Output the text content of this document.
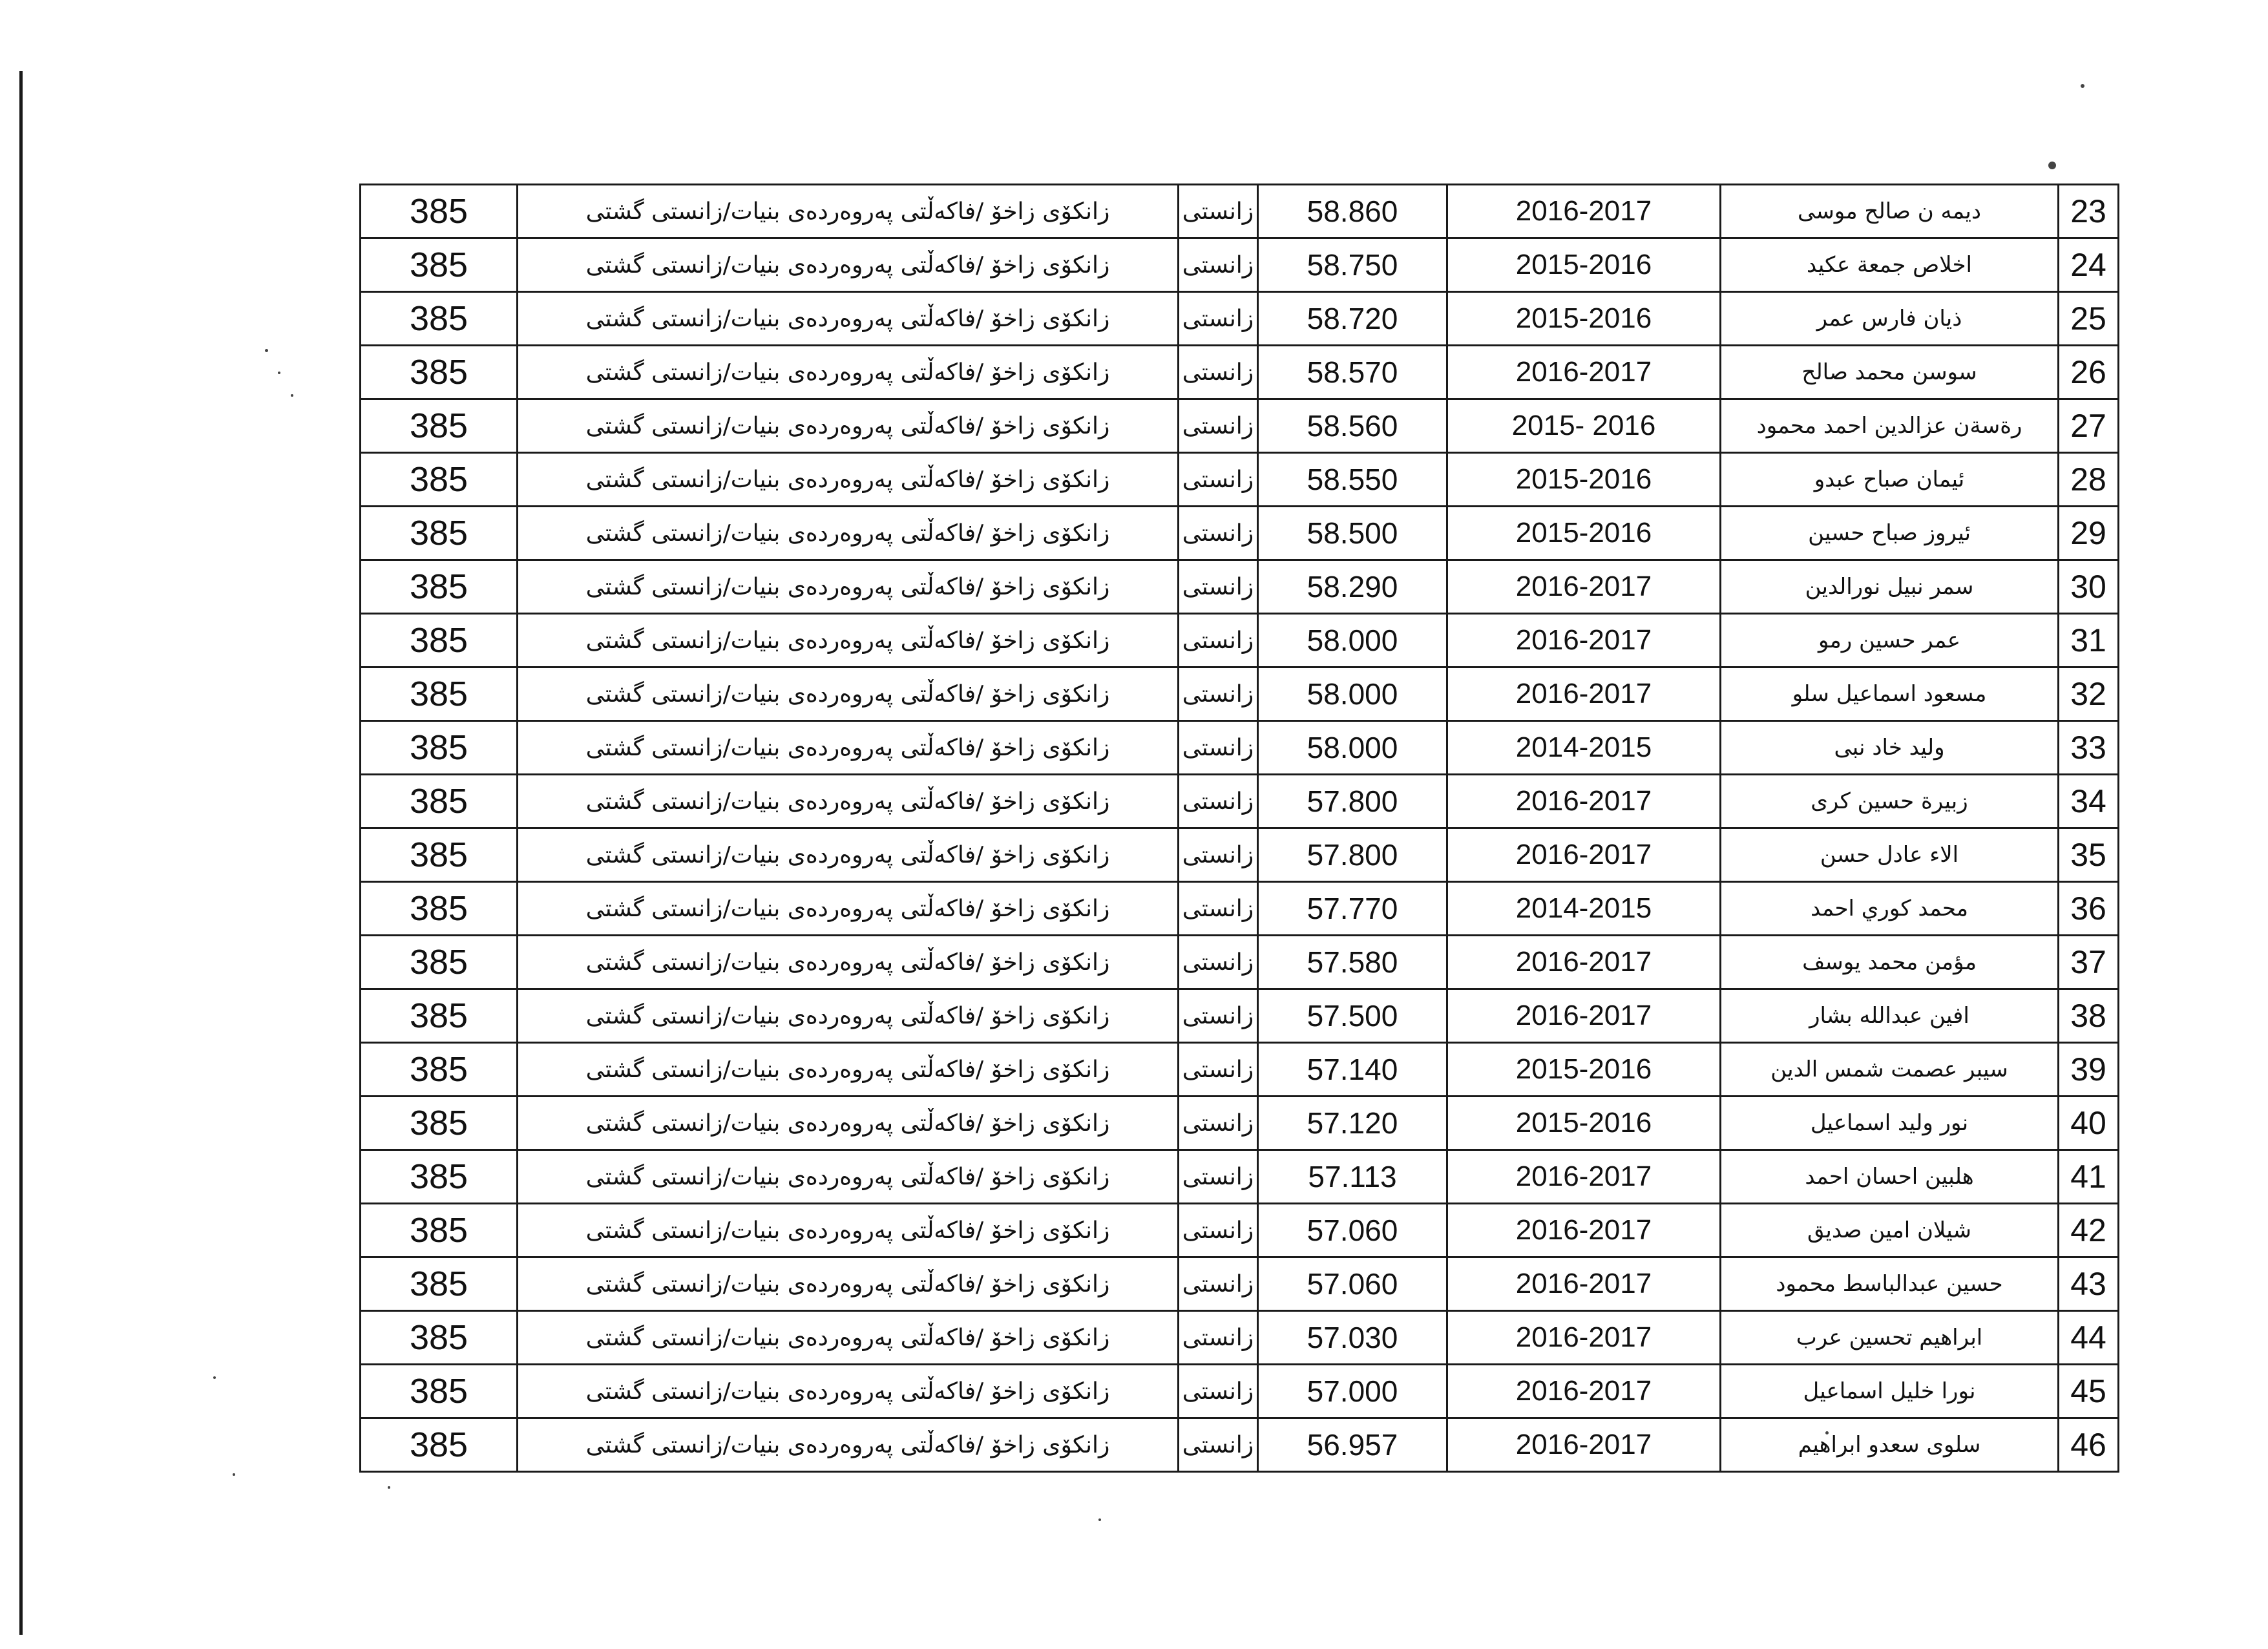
385	زانكۆی زاخۆ /فاكەڵتی پەروەردەی بنیات/زانستی گشتی	زانستی	58.860	2016-2017	ديمه ن صالح موسى	23
385	زانكۆی زاخۆ /فاكەڵتی پەروەردەی بنیات/زانستی گشتی	زانستی	58.750	2015-2016	اخلاص جمعة عكيد	24
385	زانكۆی زاخۆ /فاكەڵتی پەروەردەی بنیات/زانستی گشتی	زانستی	58.720	2015-2016	ذيان فارس عمر	25
385	زانكۆی زاخۆ /فاكەڵتی پەروەردەی بنیات/زانستی گشتی	زانستی	58.570	2016-2017	سوسن محمد صالح	26
385	زانكۆی زاخۆ /فاكەڵتی پەروەردەی بنیات/زانستی گشتی	زانستی	58.560	2015- 2016	رةسةن عزالدين احمد محمود	27
385	زانكۆی زاخۆ /فاكەڵتی پەروەردەی بنیات/زانستی گشتی	زانستی	58.550	2015-2016	ئيمان صباح عبدو	28
385	زانكۆی زاخۆ /فاكەڵتی پەروەردەی بنیات/زانستی گشتی	زانستی	58.500	2015-2016	ئيروز صباح حسين	29
385	زانكۆی زاخۆ /فاكەڵتی پەروەردەی بنیات/زانستی گشتی	زانستی	58.290	2016-2017	سمر نبيل نورالدين	30
385	زانكۆی زاخۆ /فاكەڵتی پەروەردەی بنیات/زانستی گشتی	زانستی	58.000	2016-2017	عمر حسين رمو	31
385	زانكۆی زاخۆ /فاكەڵتی پەروەردەی بنیات/زانستی گشتی	زانستی	58.000	2016-2017	مسعود اسماعيل سلو	32
385	زانكۆی زاخۆ /فاكەڵتی پەروەردەی بنیات/زانستی گشتی	زانستی	58.000	2014-2015	وليد خاد نبى	33
385	زانكۆی زاخۆ /فاكەڵتی پەروەردەی بنیات/زانستی گشتی	زانستی	57.800	2016-2017	زبيرة حسين كرى	34
385	زانكۆی زاخۆ /فاكەڵتی پەروەردەی بنیات/زانستی گشتی	زانستی	57.800	2016-2017	الاء عادل حسن	35
385	زانكۆی زاخۆ /فاكەڵتی پەروەردەی بنیات/زانستی گشتی	زانستی	57.770	2014-2015	محمد كوري احمد	36
385	زانكۆی زاخۆ /فاكەڵتی پەروەردەی بنیات/زانستی گشتی	زانستی	57.580	2016-2017	مؤمن محمد يوسف	37
385	زانكۆی زاخۆ /فاكەڵتی پەروەردەی بنیات/زانستی گشتی	زانستی	57.500	2016-2017	افين عبدالله بشار	38
385	زانكۆی زاخۆ /فاكەڵتی پەروەردەی بنیات/زانستی گشتی	زانستی	57.140	2015-2016	سيبر عصمت شمس الدين	39
385	زانكۆی زاخۆ /فاكەڵتی پەروەردەی بنیات/زانستی گشتی	زانستی	57.120	2015-2016	نور وليد اسماعيل	40
385	زانكۆی زاخۆ /فاكەڵتی پەروەردەی بنیات/زانستی گشتی	زانستی	57.113	2016-2017	هلبين احسان احمد	41
385	زانكۆی زاخۆ /فاكەڵتی پەروەردەی بنیات/زانستی گشتی	زانستی	57.060	2016-2017	شيلان امين صديق	42
385	زانكۆی زاخۆ /فاكەڵتی پەروەردەی بنیات/زانستی گشتی	زانستی	57.060	2016-2017	حسين عبدالباسط محمود	43
385	زانكۆی زاخۆ /فاكەڵتی پەروەردەی بنیات/زانستی گشتی	زانستی	57.030	2016-2017	ابراهيم تحسين عرب	44
385	زانكۆی زاخۆ /فاكەڵتی پەروەردەی بنیات/زانستی گشتی	زانستی	57.000	2016-2017	نورا خليل اسماعيل	45
385	زانكۆی زاخۆ /فاكەڵتی پەروەردەی بنیات/زانستی گشتی	زانستی	56.957	2016-2017	سلوى سعدو ابراهيم	46
